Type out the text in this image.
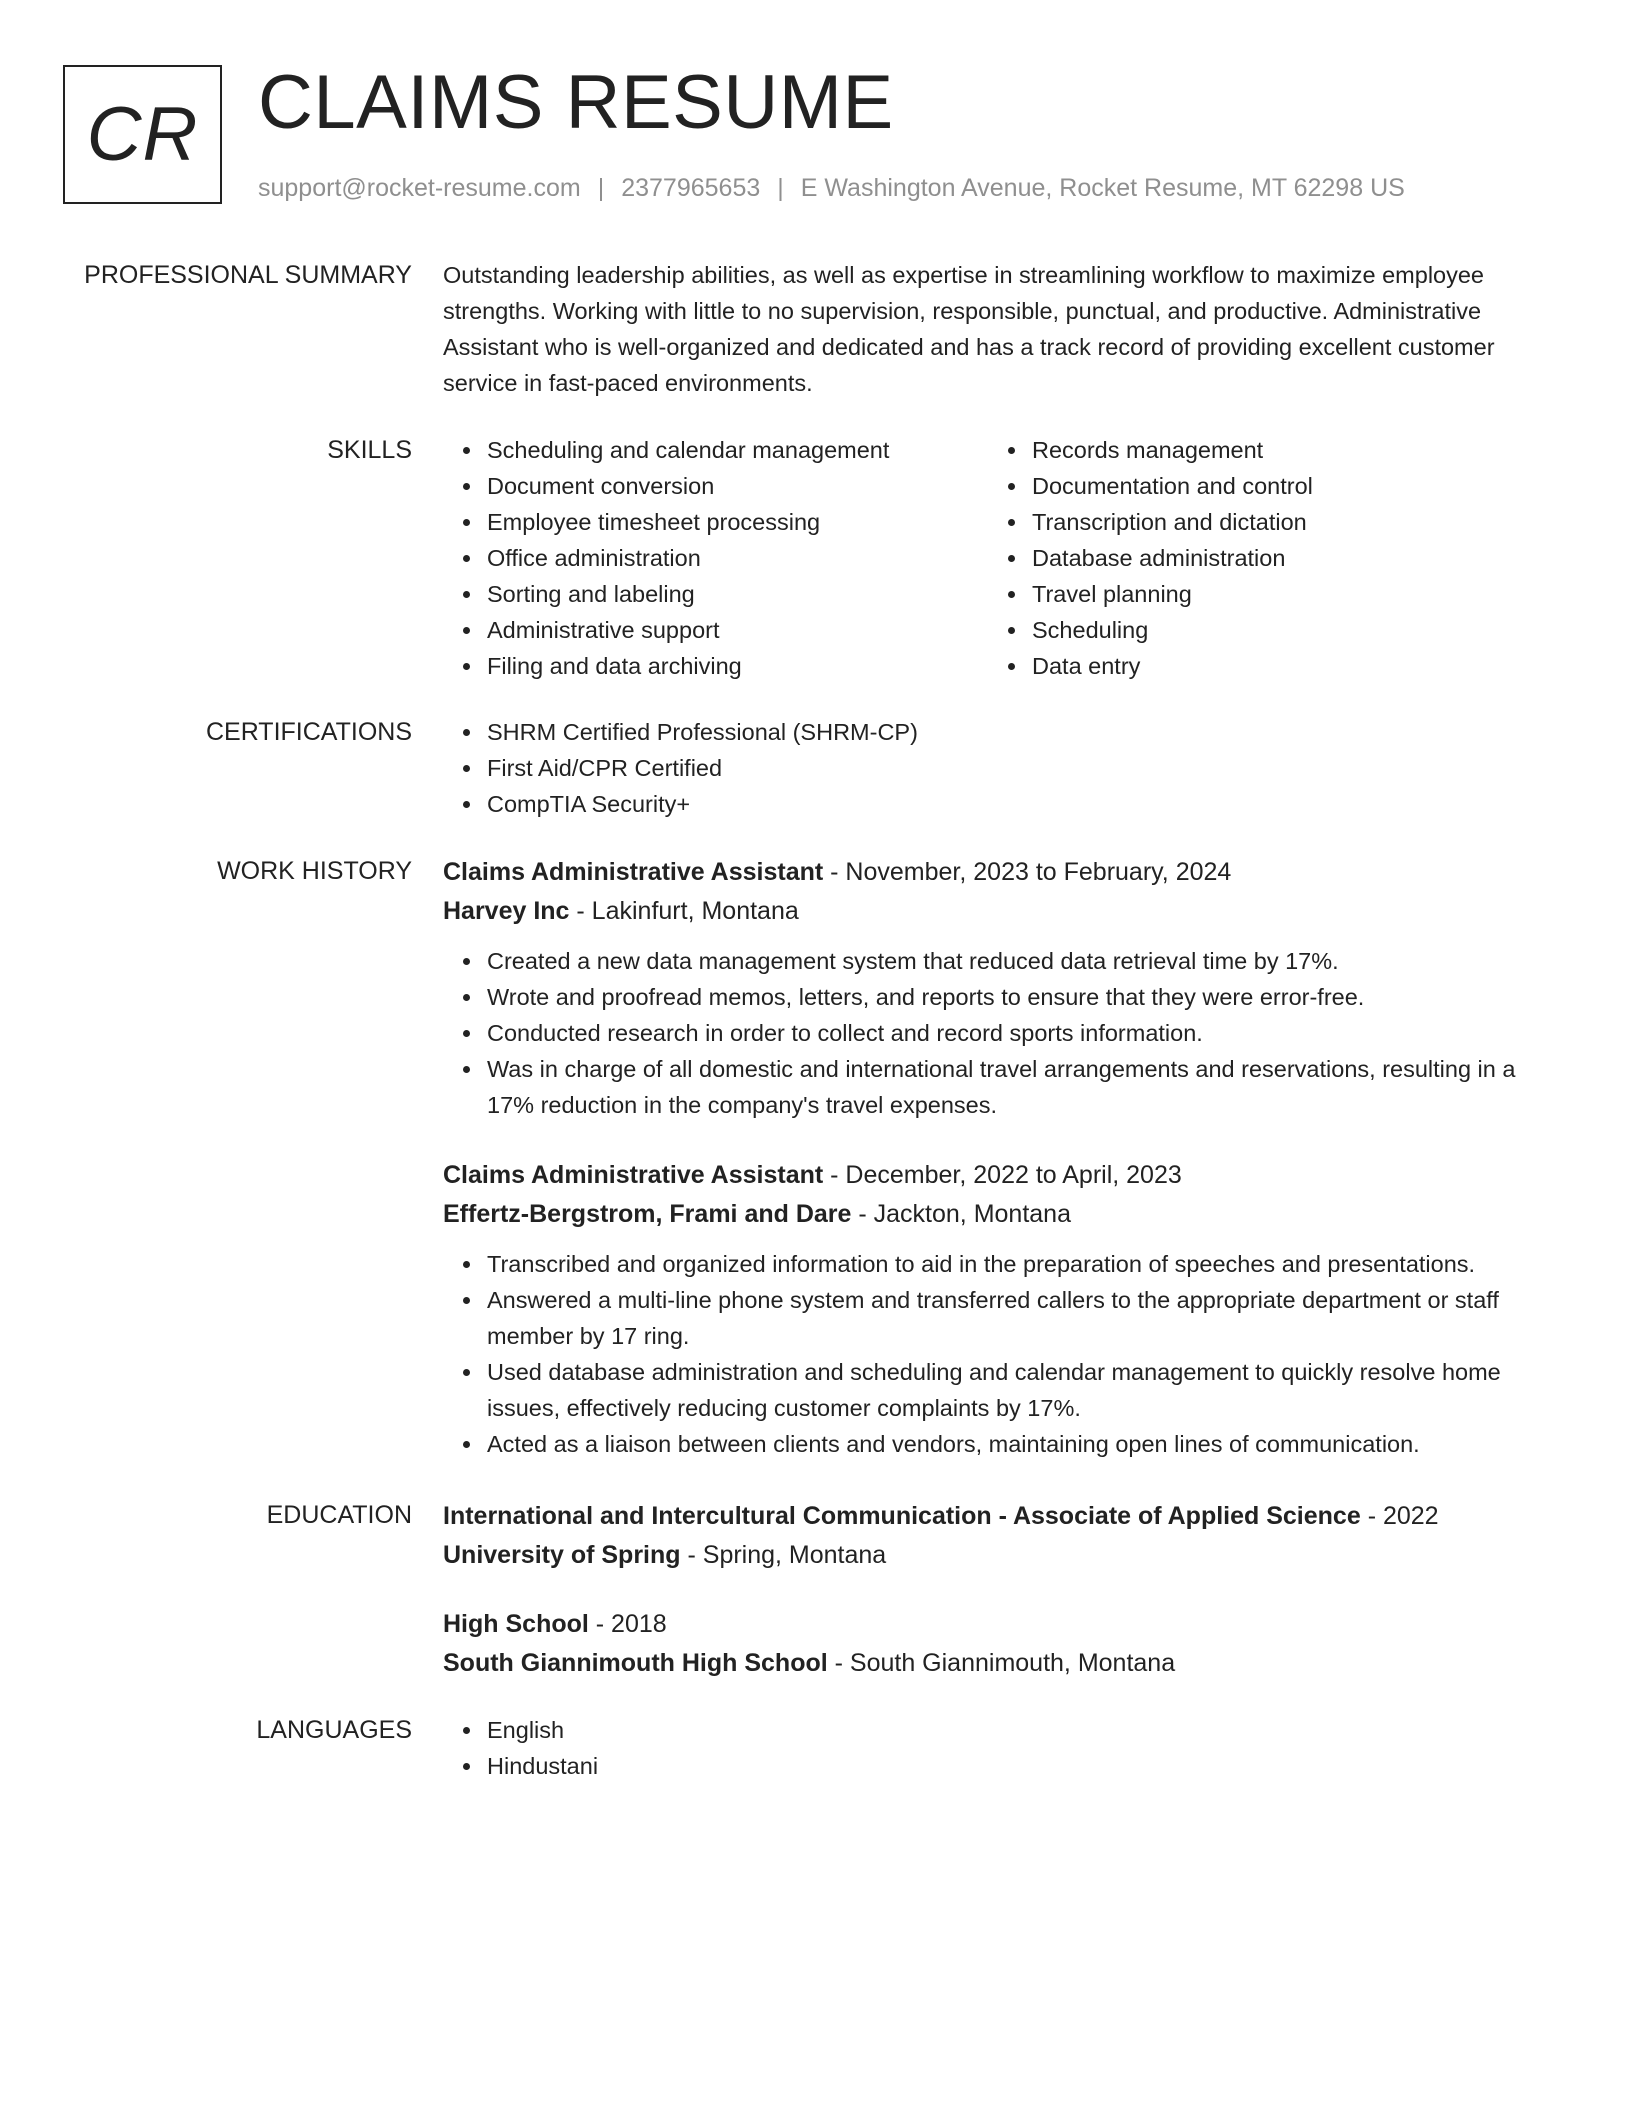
CR CLAIMS RESUME
support@rocket-resume.com | 2377965653 | E Washington Avenue, Rocket Resume, MT 62298 US
PROFESSIONAL SUMMARY Outstanding leadership abilities, as well as expertise in streamlining workflow to maximize employee strengths. Working with little to no supervision, responsible, punctual, and productive. Administrative Assistant who is well-organized and dedicated and has a track record of providing excellent customer service in fast-paced environments.

SKILLS	Scheduling and calendar management
Document conversion
Employee timesheet processing
Office administration
Sorting and labeling
Administrative support
Filing and data archiving
Records management
Documentation and control
Transcription and dictation
Database administration
Travel planning
Scheduling
Data entry
CERTIFICATIONS	SHRM Certified Professional (SHRM-CP)
First Aid/CPR Certified
CompTIA Security+
WORK HISTORY Claims Administrative Assistant - November, 2023 to February, 2024
Harvey Inc - Lakinfurt, Montana
Created a new data management system that reduced data retrieval time by 17%.
Wrote and proofread memos, letters, and reports to ensure that they were error-free.
Conducted research in order to collect and record sports information.
Was in charge of all domestic and international travel arrangements and reservations, resulting in a 17% reduction in the company's travel expenses.
Claims Administrative Assistant - December, 2022 to April, 2023
Effertz-Bergstrom, Frami and Dare - Jackton, Montana
Transcribed and organized information to aid in the preparation of speeches and presentations.
Answered a multi-line phone system and transferred callers to the appropriate department or staff member by 17 ring.
Used database administration and scheduling and calendar management to quickly resolve home issues, effectively reducing customer complaints by 17%.
Acted as a liaison between clients and vendors, maintaining open lines of communication.
EDUCATION International and Intercultural Communication - Associate of Applied Science - 2022
University of Spring - Spring, Montana
High School - 2018
South Giannimouth High School - South Giannimouth, Montana
LANGUAGES	English
Hindustani
